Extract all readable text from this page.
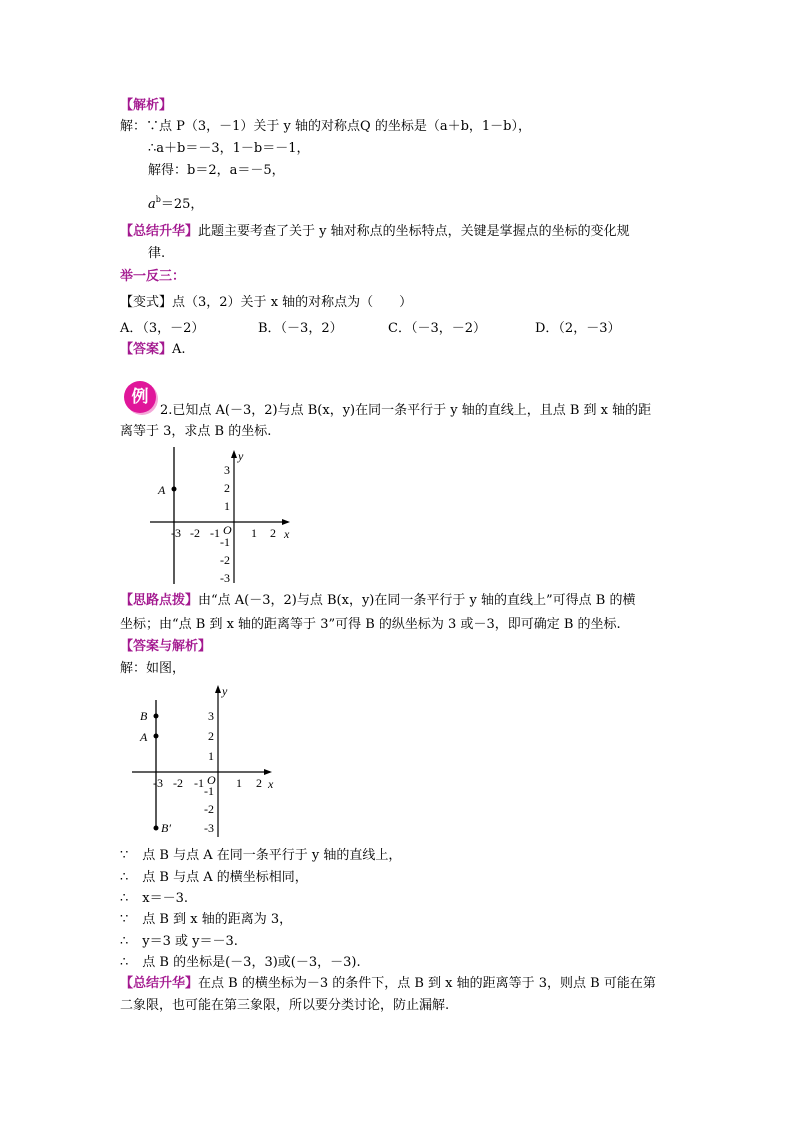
【解析】
解：∵点 P（3，－1）关于 y 轴的对称点Q 的坐标是（a＋b，1－b），
∴a＋b＝－3，1－b＝－1，
解得：b＝2，a＝－5，
$a^b=25$，
【总结升华】此题主要考查了关于 y 轴对称点的坐标特点，关键是掌握点的坐标的变化规
律.
举一反三：
【变式】点（3，2）关于 x 轴的对称点为（　　）
A．（3，－2）	B．（－3，2）	C．（－3，－2）	D．（2，－3）
【答案】A.
例
2.已知点 A(－3，2)与点 B(x，y)在同一条平行于 y 轴的直线上，且点 B 到 x 轴的距
离等于 3，求点 B 的坐标.
A
y
x
O
-3 -2 -1	1 2
3
2
1
-1
-2
-3
【思路点拨】由“点 A(－3，2)与点 B(x，y)在同一条平行于 y 轴的直线上”可得点 B 的横
坐标；由“点 B 到 x 轴的距离等于 3”可得 B 的纵坐标为 3 或－3，即可确定 B 的坐标.
【答案与解析】
解：如图，
B
A
B′
y
x
O
-3 -2 -1	1 2
3
2
1
-1
-2
-3
∵ 点 B 与点 A 在同一条平行于 y 轴的直线上，
∴ 点 B 与点 A 的横坐标相同，
∴ x＝－3.
∵ 点 B 到 x 轴的距离为 3，
∴ y＝3 或 y＝－3.
∴ 点 B 的坐标是(－3，3)或(－3，－3).
【总结升华】在点 B 的横坐标为－3 的条件下，点 B 到 x 轴的距离等于 3，则点 B 可能在第
二象限，也可能在第三象限，所以要分类讨论，防止漏解.
